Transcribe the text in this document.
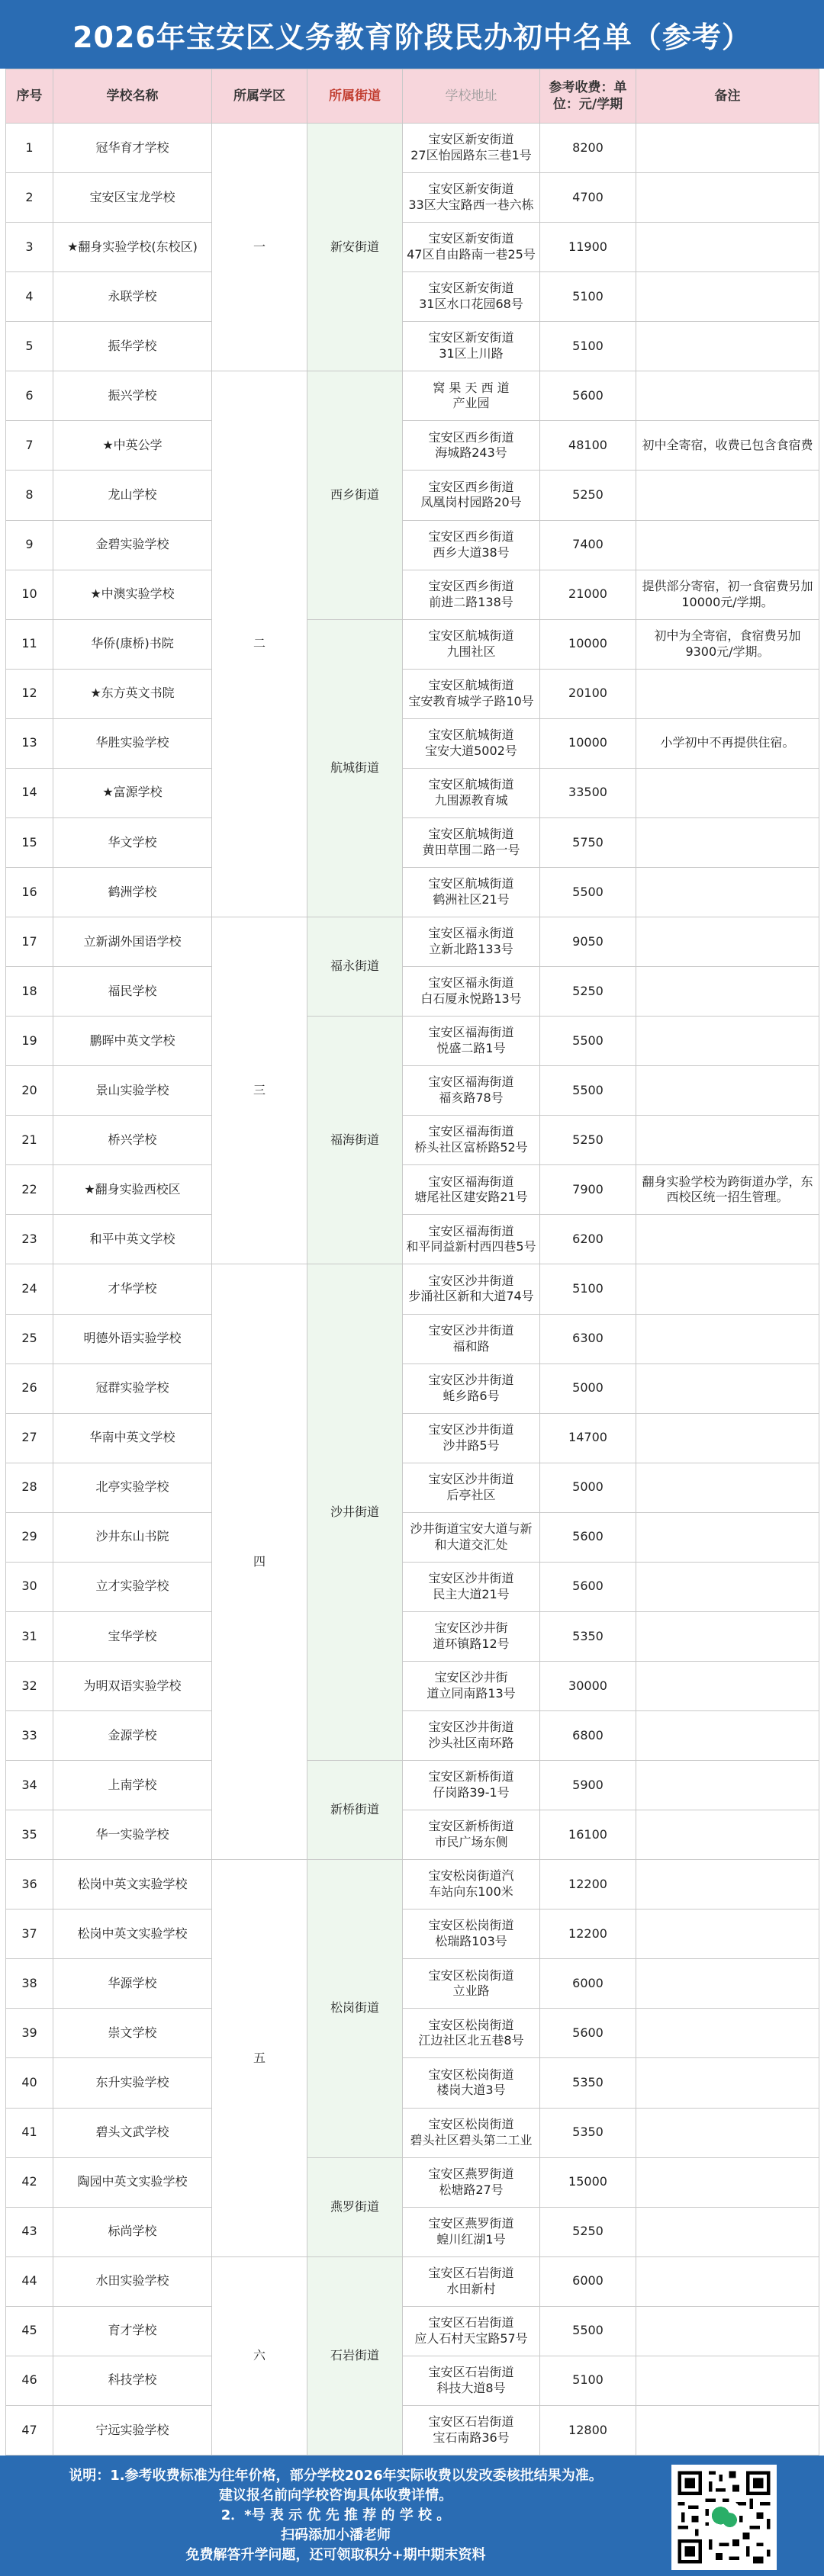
2026年宝安区义务教育阶段民办初中名单（参考）
序号	学校名称	所属学区	所属街道	学校地址	参考收费：单位：元/学期	备注
1	冠华育才学校	一	新安街道	宝安区新安街道
27区怡园路东三巷1号	8200	
2	宝安区宝龙学校			宝安区新安街道
33区大宝路西一巷六栋	4700	
3	★翻身实验学校(东校区)			宝安区新安街道
47区自由路南一巷25号	11900	
4	永联学校			宝安区新安街道
31区水口花园68号	5100	
5	振华学校			宝安区新安街道
31区上川路	5100	
6	振兴学校	二	西乡街道	窝 果 天 西 道
产业园	5600	
7	★中英公学			宝安区西乡街道
海城路243号	48100	初中全寄宿，收费已包含食宿费
8	龙山学校			宝安区西乡街道
凤凰岗村园路20号	5250	
9	金碧实验学校			宝安区西乡街道
西乡大道38号	7400	
10	★中澳实验学校			宝安区西乡街道
前进二路138号	21000	提供部分寄宿，初一食宿费另加10000元/学期。
11	华侨(康桥)书院		航城街道	宝安区航城街道
九围社区	10000	初中为全寄宿，食宿费另加9300元/学期。
12	★东方英文书院			宝安区航城街道
宝安教育城学子路10号	20100	
13	华胜实验学校			宝安区航城街道
宝安大道5002号	10000	小学初中不再提供住宿。
14	★富源学校			宝安区航城街道
九围源教育城	33500	
15	华文学校			宝安区航城街道
黄田草围二路一号	5750	
16	鹤洲学校			宝安区航城街道
鹤洲社区21号	5500	
17	立新湖外国语学校	三	福永街道	宝安区福永街道
立新北路133号	9050	
18	福民学校			宝安区福永街道
白石厦永悦路13号	5250	
19	鹏晖中英文学校		福海街道	宝安区福海街道
悦盛二路1号	5500	
20	景山实验学校			宝安区福海街道
福亥路78号	5500	
21	桥兴学校			宝安区福海街道
桥头社区富桥路52号	5250	
22	★翻身实验西校区			宝安区福海街道
塘尾社区建安路21号	7900	翻身实验学校为跨街道办学，东西校区统一招生管理。
23	和平中英文学校			宝安区福海街道
和平同益新村西四巷5号	6200	
24	才华学校	四	沙井街道	宝安区沙井街道
步涌社区新和大道74号	5100	
25	明德外语实验学校			宝安区沙井街道
福和路	6300	
26	冠群实验学校			宝安区沙井街道
蚝乡路6号	5000	
27	华南中英文学校			宝安区沙井街道
沙井路5号	14700	
28	北亭实验学校			宝安区沙井街道
后亭社区	5000	
29	沙井东山书院			沙井街道宝安大道与新
和大道交汇处	5600	
30	立才实验学校			宝安区沙井街道
民主大道21号	5600	
31	宝华学校			宝安区沙井街
道环镇路12号	5350	
32	为明双语实验学校			宝安区沙井街
道立同南路13号	30000	
33	金源学校			宝安区沙井街道
沙头社区南环路	6800	
34	上南学校		新桥街道	宝安区新桥街道
仔岗路39-1号	5900	
35	华一实验学校			宝安区新桥街道
市民广场东侧	16100	
36	松岗中英文实验学校	五	松岗街道	宝安松岗街道汽
车站向东100米	12200	
37	松岗中英文实验学校			宝安区松岗街道
松瑞路103号	12200	
38	华源学校			宝安区松岗街道
立业路	6000	
39	崇文学校			宝安区松岗街道
江边社区北五巷8号	5600	
40	东升实验学校			宝安区松岗街道
楼岗大道3号	5350	
41	碧头文武学校			宝安区松岗街道
碧头社区碧头第二工业	5350	
42	陶园中英文实验学校		燕罗街道	宝安区燕罗街道
松塘路27号	15000	
43	标尚学校			宝安区燕罗街道
蝗川红湖1号	5250	
44	水田实验学校	六	石岩街道	宝安区石岩街道
水田新村	6000	
45	育才学校			宝安区石岩街道
应人石村天宝路57号	5500	
46	科技学校			宝安区石岩街道
科技大道8号	5100	
47	宁远实验学校			宝安区石岩街道
宝石南路36号	12800	
说明：1.参考收费标准为往年价格，部分学校2026年实际收费以发改委核批结果为准。
建议报名前向学校咨询具体收费详情。
2．*号 表 示 优 先 推 荐 的 学 校 。
扫码添加小潘老师
免费解答升学问题，还可领取积分+期中期末资料
